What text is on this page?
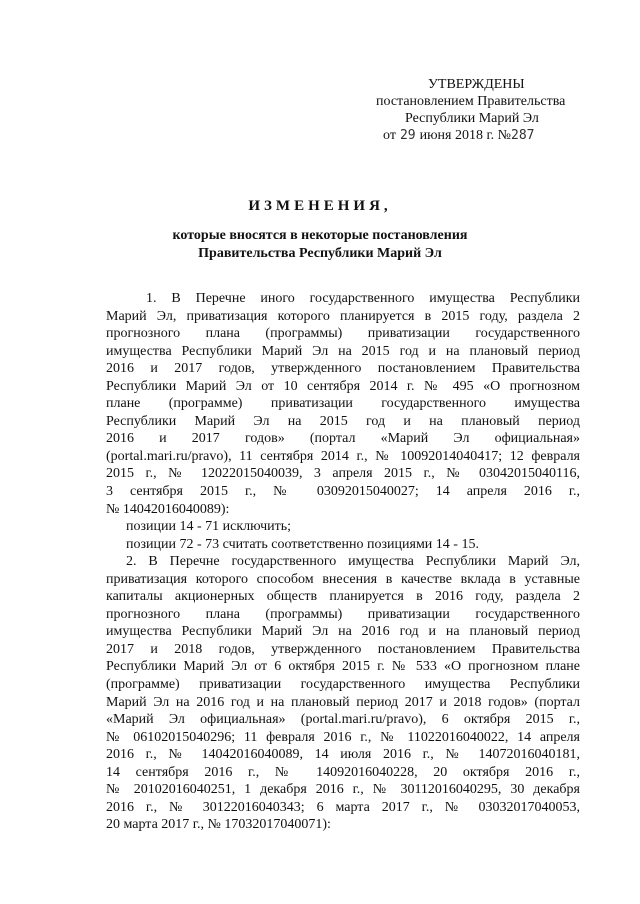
УТВЕРЖДЕНЫ
постановлением Правительства
Республики Марий Эл
от 29 июня 2018 г. №287
ИЗМЕНЕНИЯ,
которые вносятся в некоторые постановления
Правительства Республики Марий Эл

1. В Перечне иного государственного имущества Республики

Марий Эл, приватизация которого планируется в 2015 году, раздела 2

прогнозного плана (программы) приватизации государственного

имущества Республики Марий Эл на 2015 год и на плановый период

2016 и 2017 годов, утвержденного постановлением Правительства

Республики Марий Эл от 10 сентября 2014 г. № 495 «О прогнозном

плане (программе) приватизации государственного имущества

Республики Марий Эл на 2015 год и на плановый период

2016 и 2017 годов» (портал «Марий Эл официальная»

(portal.mari.ru/pravo), 11 сентября 2014 г., № 10092014040417; 12 февраля

2015 г., № 12022015040039, 3 апреля 2015 г., № 03042015040116,

3 сентября 2015 г., № 03092015040027; 14 апреля 2016 г.,

№ 14042016040089):

позиции 14 - 71 исключить;

позиции 72 - 73 считать соответственно позициями 14 - 15.

2. В Перечне государственного имущества Республики Марий Эл,

приватизация которого способом внесения в качестве вклада в уставные

капиталы акционерных обществ планируется в 2016 году, раздела 2

прогнозного плана (программы) приватизации государственного

имущества Республики Марий Эл на 2016 год и на плановый период

2017 и 2018 годов, утвержденного постановлением Правительства

Республики Марий Эл от 6 октября 2015 г. № 533 «О прогнозном плане

(программе) приватизации государственного имущества Республики

Марий Эл на 2016 год и на плановый период 2017 и 2018 годов» (портал

«Марий Эл официальная» (portal.mari.ru/pravo), 6 октября 2015 г.,

№ 06102015040296; 11 февраля 2016 г., № 11022016040022, 14 апреля

2016 г., № 14042016040089, 14 июля 2016 г., № 14072016040181,

14 сентября 2016 г., № 14092016040228, 20 октября 2016 г.,

№ 20102016040251, 1 декабря 2016 г., № 30112016040295, 30 декабря

2016 г., № 30122016040343; 6 марта 2017 г., № 03032017040053,

20 марта 2017 г., № 17032017040071):
